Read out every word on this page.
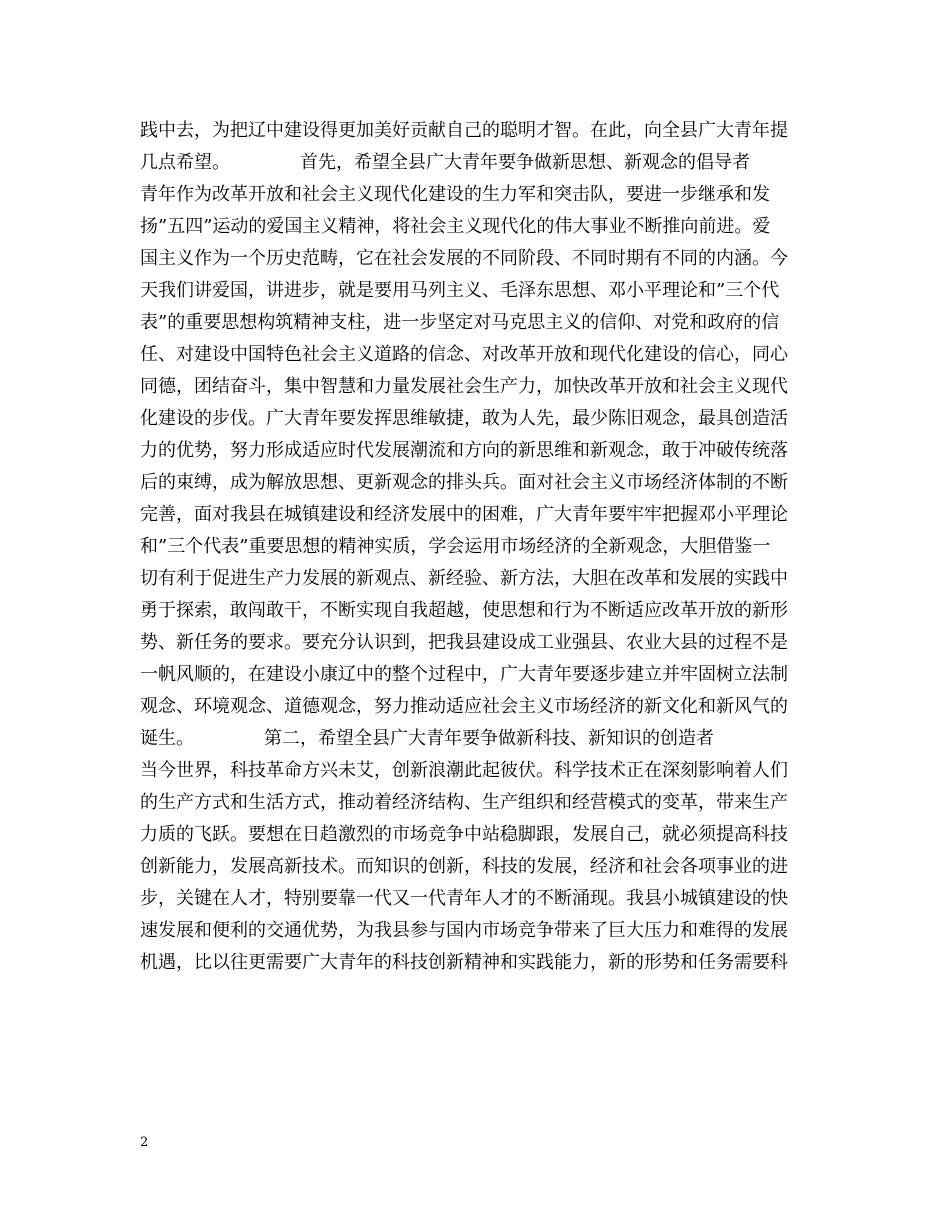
践中去，为把辽中建设得更加美好贡献自己的聪明才智。在此，向全县广大青年提
几点希望。	首先，希望全县广大青年要争做新思想、新观念的倡导者
青年作为改革开放和社会主义现代化建设的生力军和突击队，要进一步继承和发
扬”五四”运动的爱国主义精神，将社会主义现代化的伟大事业不断推向前进。爱
国主义作为一个历史范畴，它在社会发展的不同阶段、不同时期有不同的内涵。今
天我们讲爱国，讲进步，就是要用马列主义、毛泽东思想、邓小平理论和”三个代
表”的重要思想构筑精神支柱，进一步坚定对马克思主义的信仰、对党和政府的信
任、对建设中国特色社会主义道路的信念、对改革开放和现代化建设的信心，同心
同德，团结奋斗，集中智慧和力量发展社会生产力，加快改革开放和社会主义现代
化建设的步伐。广大青年要发挥思维敏捷，敢为人先，最少陈旧观念，最具创造活
力的优势，努力形成适应时代发展潮流和方向的新思维和新观念，敢于冲破传统落
后的束缚，成为解放思想、更新观念的排头兵。面对社会主义市场经济体制的不断
完善，面对我县在城镇建设和经济发展中的困难，广大青年要牢牢把握邓小平理论
和”三个代表”重要思想的精神实质，学会运用市场经济的全新观念，大胆借鉴一
切有利于促进生产力发展的新观点、新经验、新方法，大胆在改革和发展的实践中
勇于探索，敢闯敢干，不断实现自我超越，使思想和行为不断适应改革开放的新形
势、新任务的要求。要充分认识到，把我县建设成工业强县、农业大县的过程不是
一帆风顺的，在建设小康辽中的整个过程中，广大青年要逐步建立并牢固树立法制
观念、环境观念、道德观念，努力推动适应社会主义市场经济的新文化和新风气的
诞生。	第二，希望全县广大青年要争做新科技、新知识的创造者
当今世界，科技革命方兴未艾，创新浪潮此起彼伏。科学技术正在深刻影响着人们
的生产方式和生活方式，推动着经济结构、生产组织和经营模式的变革，带来生产
力质的飞跃。要想在日趋激烈的市场竞争中站稳脚跟，发展自己，就必须提高科技
创新能力，发展高新技术。而知识的创新，科技的发展，经济和社会各项事业的进
步，关键在人才，特别要靠一代又一代青年人才的不断涌现。我县小城镇建设的快
速发展和便利的交通优势，为我县参与国内市场竞争带来了巨大压力和难得的发展
机遇，比以往更需要广大青年的科技创新精神和实践能力，新的形势和任务需要科
2
